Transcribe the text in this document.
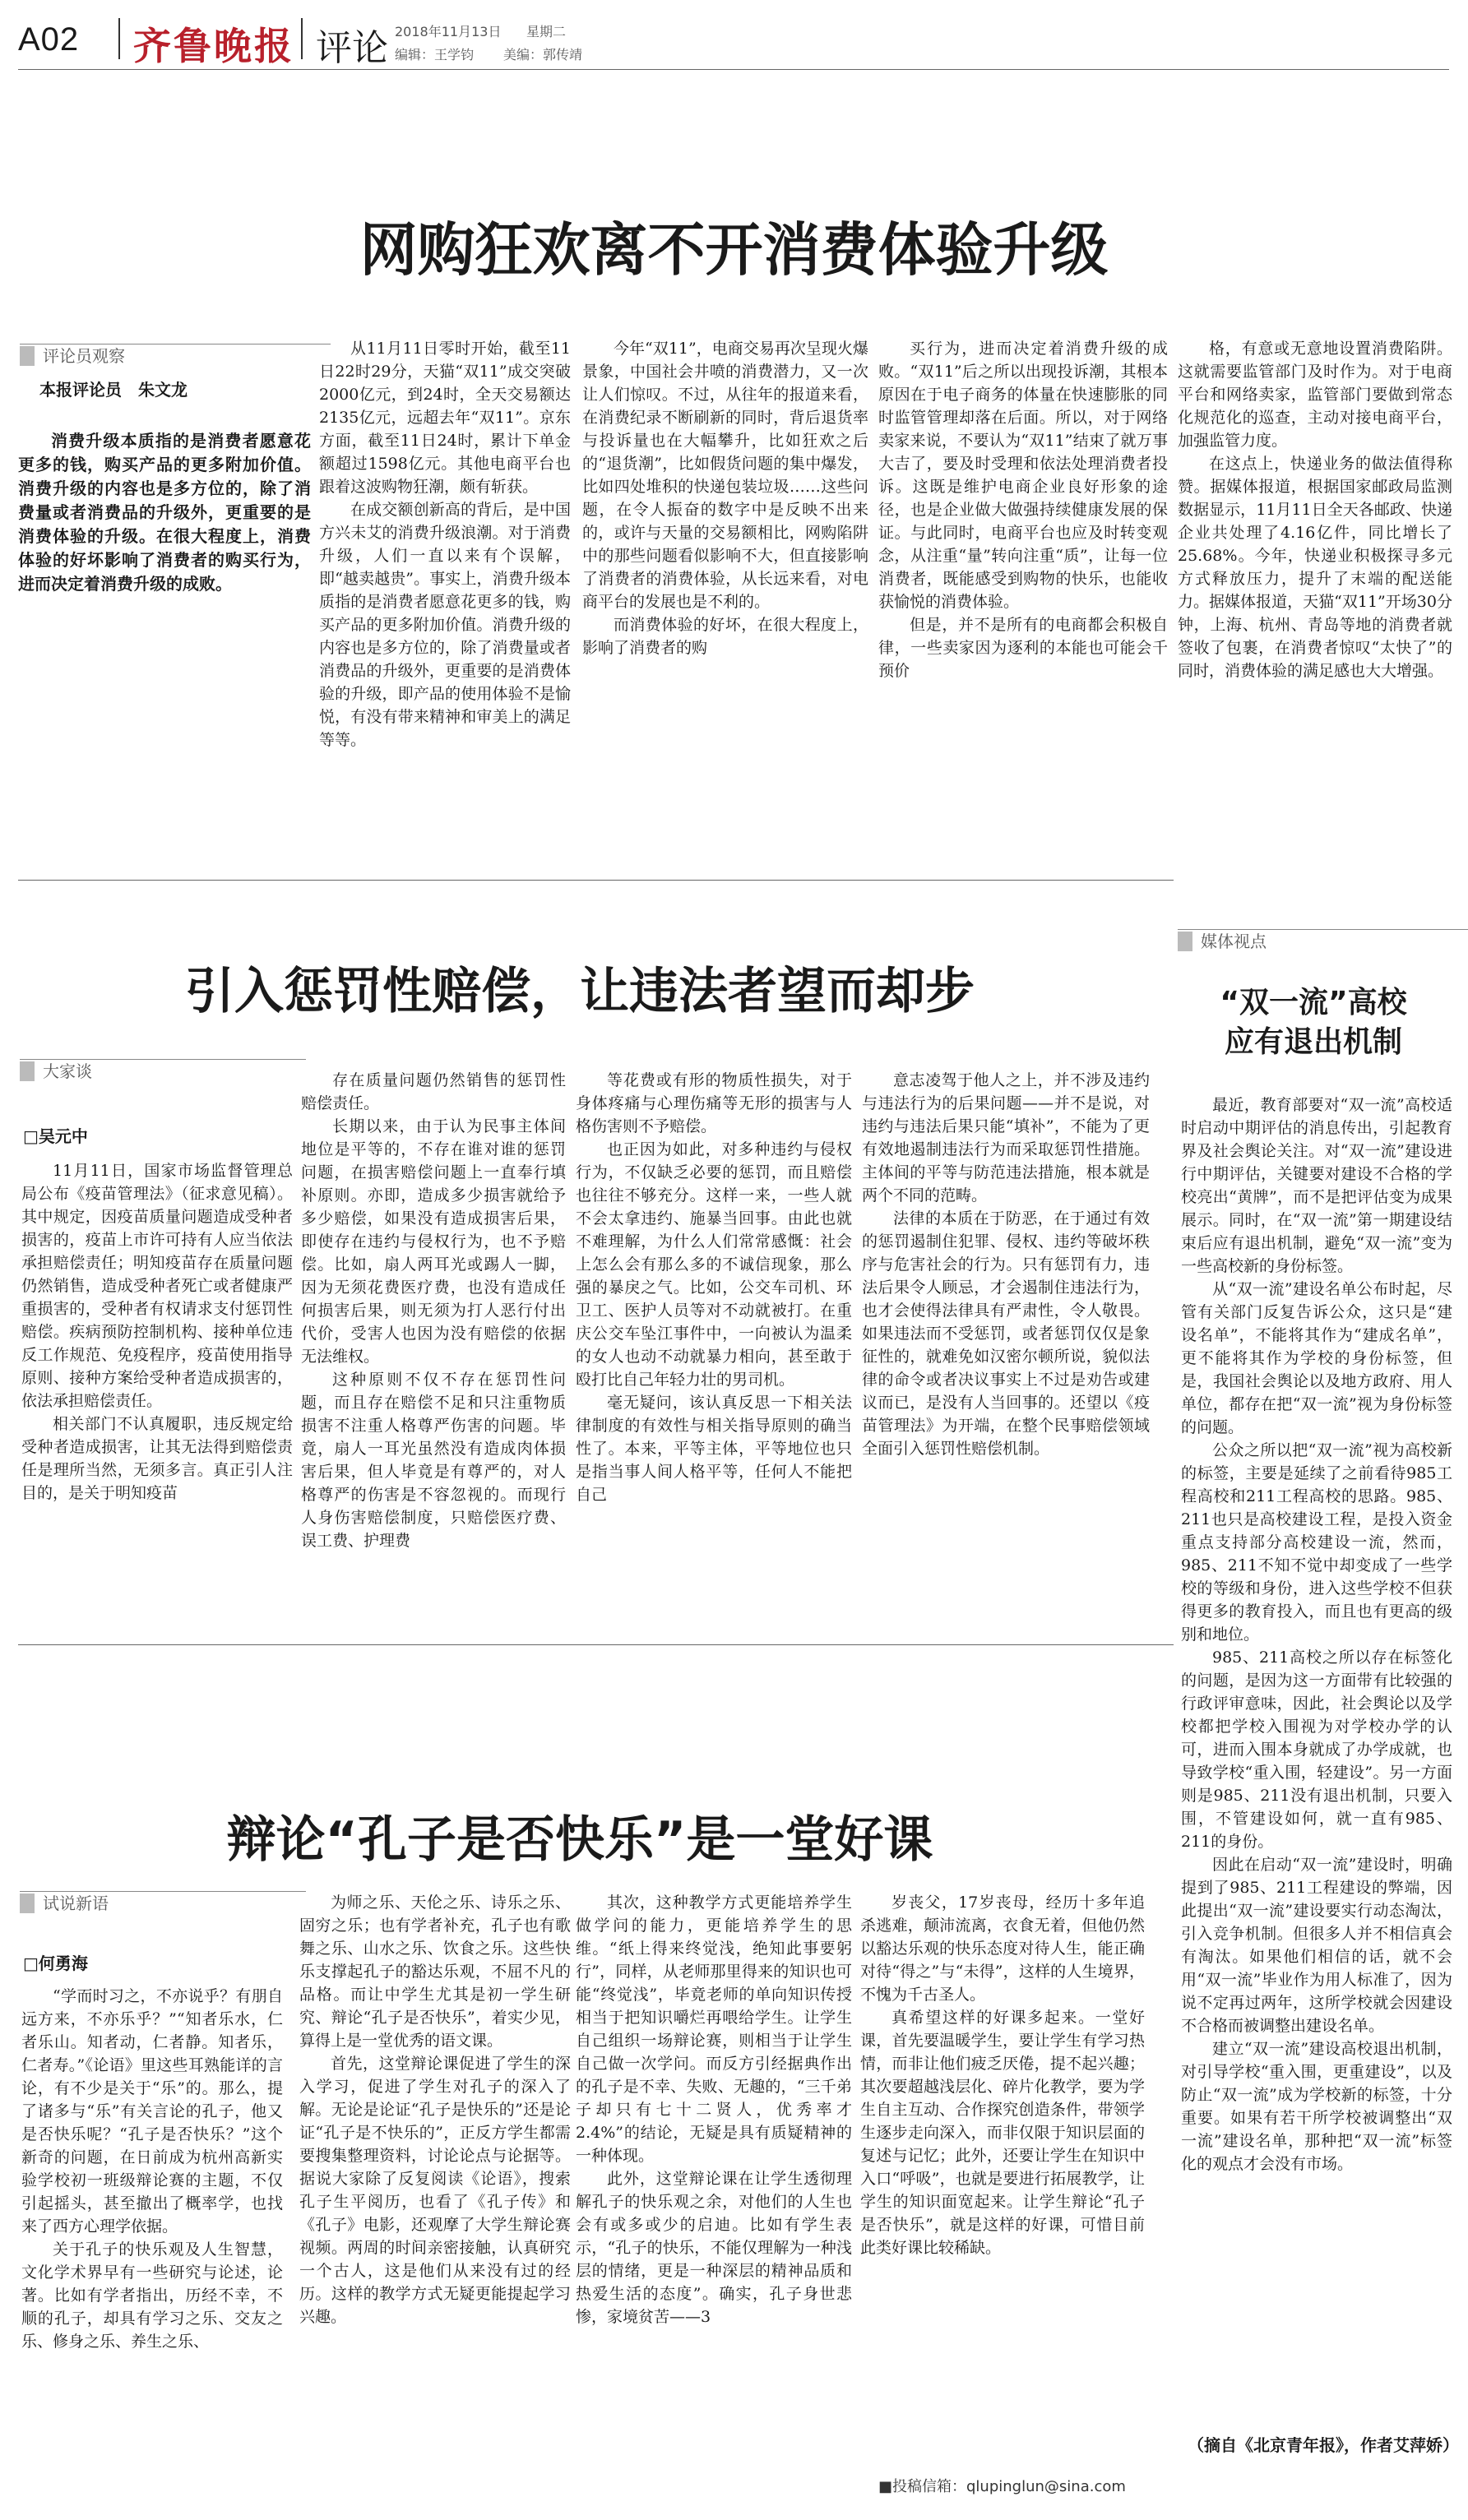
A02 齐鲁晚报 评论 2018年11月13日 星期二
编辑：王学钧 美编：郭传靖
网购狂欢离不开消费体验升级
评论员观察
本报评论员　朱文龙
消费升级本质指的是消费者愿意花更多的钱，购买产品的更多附加价值。消费升级的内容也是多方位的，除了消费量或者消费品的升级外，更重要的是消费体验的升级。在很大程度上，消费体验的好坏影响了消费者的购买行为，进而决定着消费升级的成败。

从11月11日零时开始，截至11日22时29分，天猫“双11”成交突破2000亿元，到24时，全天交易额达2135亿元，远超去年“双11”。京东方面，截至11日24时，累计下单金额超过1598亿元。其他电商平台也跟着这波购物狂潮，颇有斩获。

在成交额创新高的背后，是中国方兴未艾的消费升级浪潮。对于消费升级，人们一直以来有个误解，即“越卖越贵”。事实上，消费升级本质指的是消费者愿意花更多的钱，购买产品的更多附加价值。消费升级的内容也是多方位的，除了消费量或者消费品的升级外，更重要的是消费体验的升级，即产品的使用体验不是愉悦，有没有带来精神和审美上的满足等等。

今年“双11”，电商交易再次呈现火爆景象，中国社会井喷的消费潜力，又一次让人们惊叹。不过，从往年的报道来看，在消费纪录不断刷新的同时，背后退货率与投诉量也在大幅攀升，比如狂欢之后的“退货潮”，比如假货问题的集中爆发，比如四处堆积的快递包装垃圾……这些问题，在令人振奋的数字中是反映不出来的，或许与天量的交易额相比，网购陷阱中的那些问题看似影响不大，但直接影响了消费者的消费体验，从长远来看，对电商平台的发展也是不利的。

而消费体验的好坏，在很大程度上，影响了消费者的购

买行为，进而决定着消费升级的成败。“双11”后之所以出现投诉潮，其根本原因在于电子商务的体量在快速膨胀的同时监管管理却落在后面。所以，对于网络卖家来说，不要认为“双11”结束了就万事大吉了，要及时受理和依法处理消费者投诉。这既是维护电商企业良好形象的途径，也是企业做大做强持续健康发展的保证。与此同时，电商平台也应及时转变观念，从注重“量”转向注重“质”，让每一位消费者，既能感受到购物的快乐，也能收获愉悦的消费体验。

但是，并不是所有的电商都会积极自律，一些卖家因为逐利的本能也可能会千预价

格，有意或无意地设置消费陷阱。这就需要监管部门及时作为。对于电商平台和网络卖家，监管部门要做到常态化规范化的巡查，主动对接电商平台，加强监管力度。

在这点上，快递业务的做法值得称赞。据媒体报道，根据国家邮政局监测数据显示，11月11日全天各邮政、快递企业共处理了4.16亿件，同比增长了25.68%。今年，快递业积极探寻多元方式释放压力，提升了末端的配送能力。据媒体报道，天猫“双11”开场30分钟，上海、杭州、青岛等地的消费者就签收了包裹，在消费者惊叹“太快了”的同时，消费体验的满足感也大大增强。

引入惩罚性赔偿，让违法者望而却步
大家谈
□吴元中

11月11日，国家市场监督管理总局公布《疫苗管理法》（征求意见稿）。其中规定，因疫苗质量问题造成受种者损害的，疫苗上市许可持有人应当依法承担赔偿责任；明知疫苗存在质量问题仍然销售，造成受种者死亡或者健康严重损害的，受种者有权请求支付惩罚性赔偿。疾病预防控制机构、接种单位违反工作规范、免疫程序，疫苗使用指导原则、接种方案给受种者造成损害的，依法承担赔偿责任。

相关部门不认真履职，违反规定给受种者造成损害，让其无法得到赔偿责任是理所当然，无须多言。真正引人注目的，是关于明知疫苗

存在质量问题仍然销售的惩罚性赔偿责任。

长期以来，由于认为民事主体间地位是平等的，不存在谁对谁的惩罚问题，在损害赔偿问题上一直奉行填补原则。亦即，造成多少损害就给予多少赔偿，如果没有造成损害后果，即使存在违约与侵权行为，也不予赔偿。比如，扇人两耳光或踢人一脚，因为无须花费医疗费，也没有造成任何损害后果，则无须为打人恶行付出代价，受害人也因为没有赔偿的依据无法维权。

这种原则不仅不存在惩罚性问题，而且存在赔偿不足和只注重物质损害不注重人格尊严伤害的问题。毕竟，扇人一耳光虽然没有造成肉体损害后果，但人毕竟是有尊严的，对人格尊严的伤害是不容忽视的。而现行人身伤害赔偿制度，只赔偿医疗费、误工费、护理费

等花费或有形的物质性损失，对于身体疼痛与心理伤痛等无形的损害与人格伤害则不予赔偿。

也正因为如此，对多种违约与侵权行为，不仅缺乏必要的惩罚，而且赔偿也往往不够充分。这样一来，一些人就不会太拿违约、施暴当回事。由此也就不难理解，为什么人们常常感慨：社会上怎么会有那么多的不诚信现象，那么强的暴戾之气。比如，公交车司机、环卫工、医护人员等对不动就被打。在重庆公交车坠江事件中，一向被认为温柔的女人也动不动就暴力相向，甚至敢于殴打比自己年轻力壮的男司机。

毫无疑问，该认真反思一下相关法律制度的有效性与相关指导原则的确当性了。本来，平等主体，平等地位也只是指当事人间人格平等，任何人不能把自己

意志凌驾于他人之上，并不涉及违约与违法行为的后果问题——并不是说，对违约与违法后果只能“填补”，不能为了更有效地遏制违法行为而采取惩罚性措施。主体间的平等与防范违法措施，根本就是两个不同的范畴。

法律的本质在于防恶，在于通过有效的惩罚遏制住犯罪、侵权、违约等破坏秩序与危害社会的行为。只有惩罚有力，违法后果令人顾忌，才会遏制住违法行为，也才会使得法律具有严肃性，令人敬畏。如果违法而不受惩罚，或者惩罚仅仅是象征性的，就难免如汉密尔顿所说，貌似法律的命令或者决议事实上不过是劝告或建议而已，是没有人当回事的。还望以《疫苗管理法》为开端，在整个民事赔偿领域全面引入惩罚性赔偿机制。

辩论“孔子是否快乐”是一堂好课
试说新语
□何勇海

“学而时习之，不亦说乎？有朋自远方来，不亦乐乎？”“知者乐水，仁者乐山。知者动，仁者静。知者乐，仁者寿。”《论语》里这些耳熟能详的言论，有不少是关于“乐”的。那么，提了诸多与“乐”有关言论的孔子，他又是否快乐呢？“孔子是否快乐？”这个新奇的问题，在日前成为杭州高新实验学校初一班级辩论赛的主题，不仅引起摇头，甚至撤出了概率学，也找来了西方心理学依据。

关于孔子的快乐观及人生智慧，文化学术界早有一些研究与论述，论著。比如有学者指出，历经不幸，不顺的孔子，却具有学习之乐、交友之乐、修身之乐、养生之乐、

为师之乐、天伦之乐、诗乐之乐、固穷之乐；也有学者补充，孔子也有歌舞之乐、山水之乐、饮食之乐。这些快乐支撑起孔子的豁达乐观，不屈不凡的品格。而让中学生尤其是初一学生研究、辩论“孔子是否快乐”，着实少见，算得上是一堂优秀的语文课。

首先，这堂辩论课促进了学生的深入学习，促进了学生对孔子的深入了解。无论是论证“孔子是快乐的”还是论证“孔子是不快乐的”，正反方学生都需要搜集整理资料，讨论论点与论据等。据说大家除了反复阅读《论语》，搜索孔子生平阅历，也看了《孔子传》和《孔子》电影，还观摩了大学生辩论赛视频。两周的时间亲密接触，认真研究一个古人，这是他们从来没有过的经历。这样的教学方式无疑更能提起学习兴趣。

其次，这种教学方式更能培养学生做学问的能力，更能培养学生的思维。“纸上得来终觉浅，绝知此事要躬行”，同样，从老师那里得来的知识也可能“终觉浅”，毕竟老师的单向知识传授相当于把知识嚼烂再喂给学生。让学生自己组织一场辩论赛，则相当于让学生自己做一次学问。而反方引经据典作出的孔子是不幸、失败、无趣的，“三千弟子却只有七十二贤人，优秀率才2.4%”的结论，无疑是具有质疑精神的一种体现。

此外，这堂辩论课在让学生透彻理解孔子的快乐观之余，对他们的人生也会有或多或少的启迪。比如有学生表示，“孔子的快乐，不能仅理解为一种浅层的情绪，更是一种深层的精神品质和热爱生活的态度”。确实，孔子身世悲惨，家境贫苦——3

岁丧父，17岁丧母，经历十多年追杀逃难，颠沛流离，衣食无着，但他仍然以豁达乐观的快乐态度对待人生，能正确对待“得之”与“未得”，这样的人生境界，不愧为千古圣人。

真希望这样的好课多起来。一堂好课，首先要温暖学生，要让学生有学习热情，而非让他们疲乏厌倦，提不起兴趣；其次要超越浅层化、碎片化教学，要为学生自主互动、合作探究创造条件，带领学生逐步走向深入，而非仅限于知识层面的复述与记忆；此外，还要让学生在知识中入口“呼吸”，也就是要进行拓展教学，让学生的知识面宽起来。让学生辩论“孔子是否快乐”，就是这样的好课，可惜目前此类好课比较稀缺。

■投稿信箱：qlupinglun@sina.com
媒体视点
“双一流”高校
应有退出机制

最近，教育部要对“双一流”高校适时启动中期评估的消息传出，引起教育界及社会舆论关注。对“双一流”建设进行中期评估，关键要对建设不合格的学校亮出“黄牌”，而不是把评估变为成果展示。同时，在“双一流”第一期建设结束后应有退出机制，避免“双一流”变为一些高校新的身份标签。

从“双一流”建设名单公布时起，尽管有关部门反复告诉公众，这只是“建设名单”，不能将其作为“建成名单”，更不能将其作为学校的身份标签，但是，我国社会舆论以及地方政府、用人单位，都存在把“双一流”视为身份标签的问题。

公众之所以把“双一流”视为高校新的标签，主要是延续了之前看待985工程高校和211工程高校的思路。985、211也只是高校建设工程，是投入资金重点支持部分高校建设一流，然而，985、211不知不觉中却变成了一些学校的等级和身份，进入这些学校不但获得更多的教育投入，而且也有更高的级别和地位。

985、211高校之所以存在标签化的问题，是因为这一方面带有比较强的行政评审意味，因此，社会舆论以及学校都把学校入围视为对学校办学的认可，进而入围本身就成了办学成就，也导致学校“重入围，轻建设”。另一方面则是985、211没有退出机制，只要入围，不管建设如何，就一直有985、211的身份。

因此在启动“双一流”建设时，明确提到了985、211工程建设的弊端，因此提出“双一流”建设要实行动态淘汰，引入竞争机制。但很多人并不相信真会有淘汰。如果他们相信的话，就不会用“双一流”毕业作为用人标准了，因为说不定再过两年，这所学校就会因建设不合格而被调整出建设名单。

建立“双一流”建设高校退出机制，对引导学校“重入围，更重建设”，以及防止“双一流”成为学校新的标签，十分重要。如果有若干所学校被调整出“双一流”建设名单，那种把“双一流”标签化的观点才会没有市场。

（摘自《北京青年报》，作者艾萍娇）
